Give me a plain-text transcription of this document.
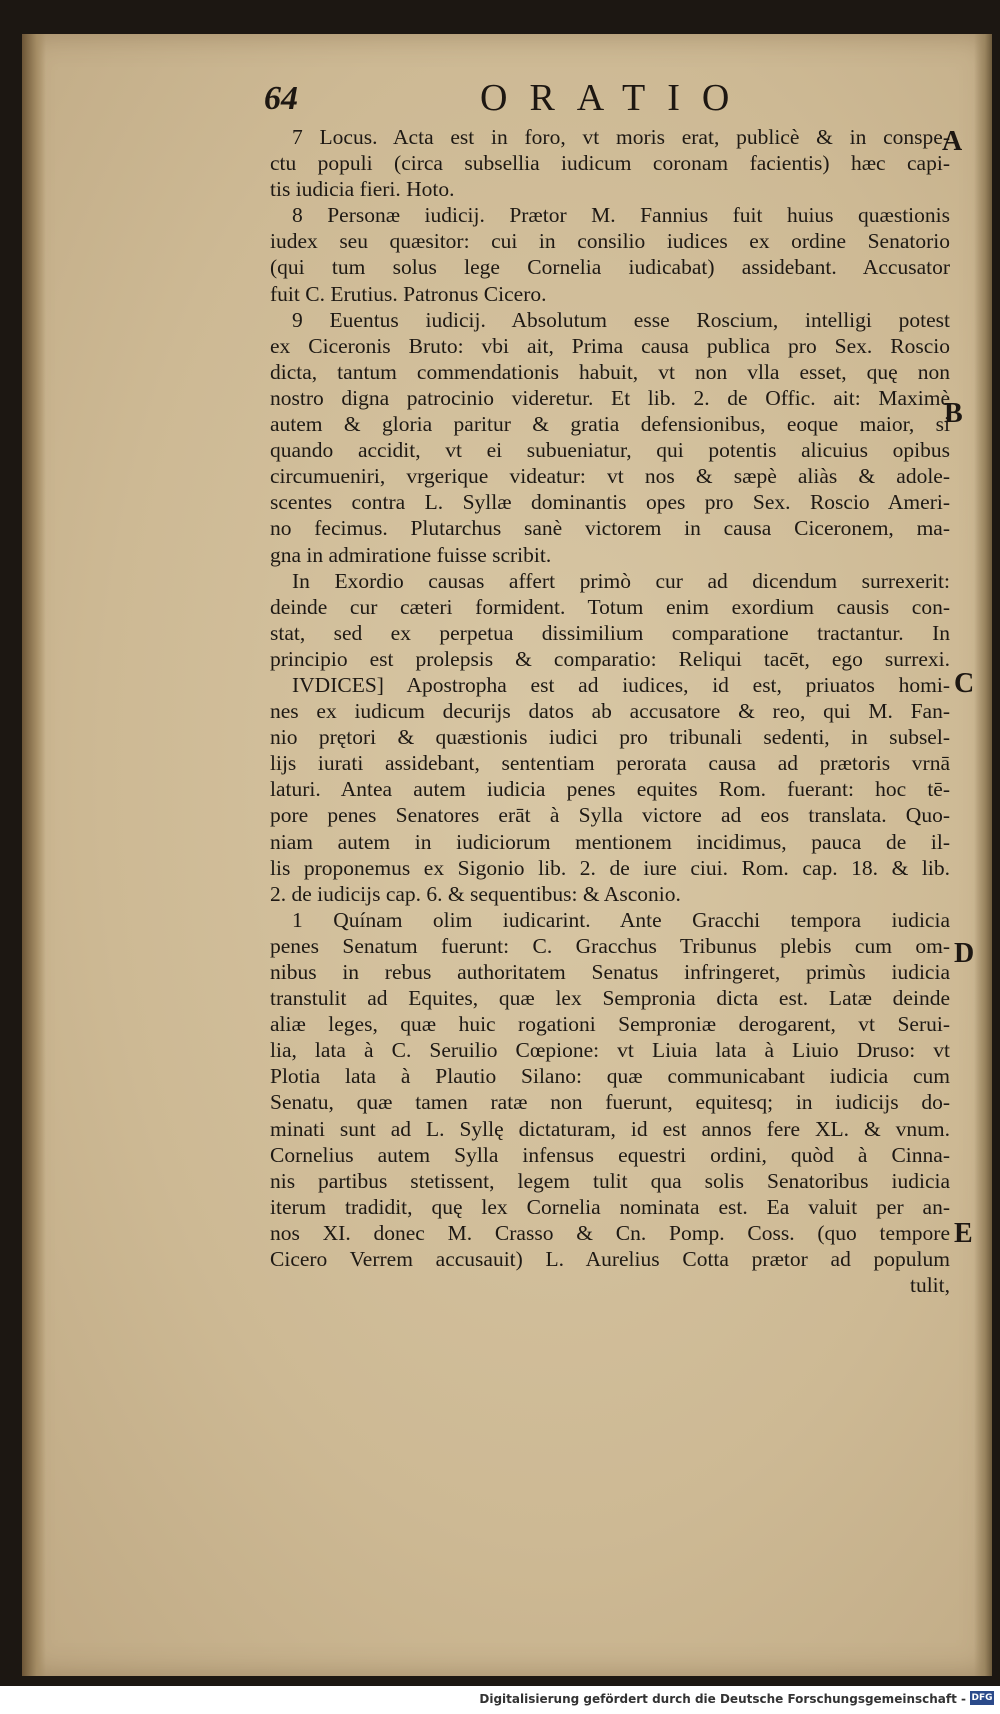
64	ORATIO
A
B
C
D
E
7 Locus. Acta est in foro, vt moris erat, publicè & in conspe-
ctu populi (circa subsellia iudicum coronam facientis) hæc capi-
tis iudicia fieri. Hoto.
8 Personæ iudicij. Prætor M. Fannius fuit huius quæstionis
iudex seu quæsitor: cui in consilio iudices ex ordine Senatorio
(qui tum solus lege Cornelia iudicabat) assidebant. Accusator
fuit C. Erutius. Patronus Cicero.
9 Euentus iudicij. Absolutum esse Roscium, intelligi potest
ex Ciceronis Bruto: vbi ait, Prima causa publica pro Sex. Roscio
dicta, tantum commendationis habuit, vt non vlla esset, quę non
nostro digna patrocinio videretur. Et lib. 2. de Offic. ait: Maximè
autem & gloria paritur & gratia defensionibus, eoque maior, si
quando accidit, vt ei subueniatur, qui potentis alicuius opibus
circumueniri, vrgerique videatur: vt nos & sæpè aliàs & adole-
scentes contra L. Syllæ dominantis opes pro Sex. Roscio Ameri-
no fecimus. Plutarchus sanè victorem in causa Ciceronem, ma-
gna in admiratione fuisse scribit.
In Exordio causas affert primò cur ad dicendum surrexerit:
deinde cur cæteri formident. Totum enim exordium causis con-
stat, sed ex perpetua dissimilium comparatione tractantur. In
principio est prolepsis & comparatio: Reliqui tacēt, ego surrexi.
IVDICES] Apostropha est ad iudices, id est, priuatos homi-
nes ex iudicum decurijs datos ab accusatore & reo, qui M. Fan-
nio prętori & quæstionis iudici pro tribunali sedenti, in subsel-
lijs iurati assidebant, sententiam perorata causa ad prætoris vrnā
laturi. Antea autem iudicia penes equites Rom. fuerant: hoc tē-
pore penes Senatores erāt à Sylla victore ad eos translata. Quo-
niam autem in iudiciorum mentionem incidimus, pauca de il-
lis proponemus ex Sigonio lib. 2. de iure ciui. Rom. cap. 18. & lib.
2. de iudicijs cap. 6. & sequentibus: & Asconio.
1 Quínam olim iudicarint. Ante Gracchi tempora iudicia
penes Senatum fuerunt: C. Gracchus Tribunus plebis cum om-
nibus in rebus authoritatem Senatus infringeret, primùs iudicia
transtulit ad Equites, quæ lex Sempronia dicta est. Latæ deinde
aliæ leges, quæ huic rogationi Semproniæ derogarent, vt Serui-
lia, lata à C. Seruilio Cœpione: vt Liuia lata à Liuio Druso: vt
Plotia lata à Plautio Silano: quæ communicabant iudicia cum
Senatu, quæ tamen ratæ non fuerunt, equitesq; in iudicijs do-
minati sunt ad L. Syllę dictaturam, id est annos fere XL. & vnum.
Cornelius autem Sylla infensus equestri ordini, quòd à Cinna-
nis partibus stetissent, legem tulit qua solis Senatoribus iudicia
iterum tradidit, quę lex Cornelia nominata est. Ea valuit per an-
nos XI. donec M. Crasso & Cn. Pomp. Coss. (quo tempore
Cicero Verrem accusauit) L. Aurelius Cotta prætor ad populum
tulit,
Digitalisierung gefördert durch die Deutsche Forschungsgemeinschaft - DFG
